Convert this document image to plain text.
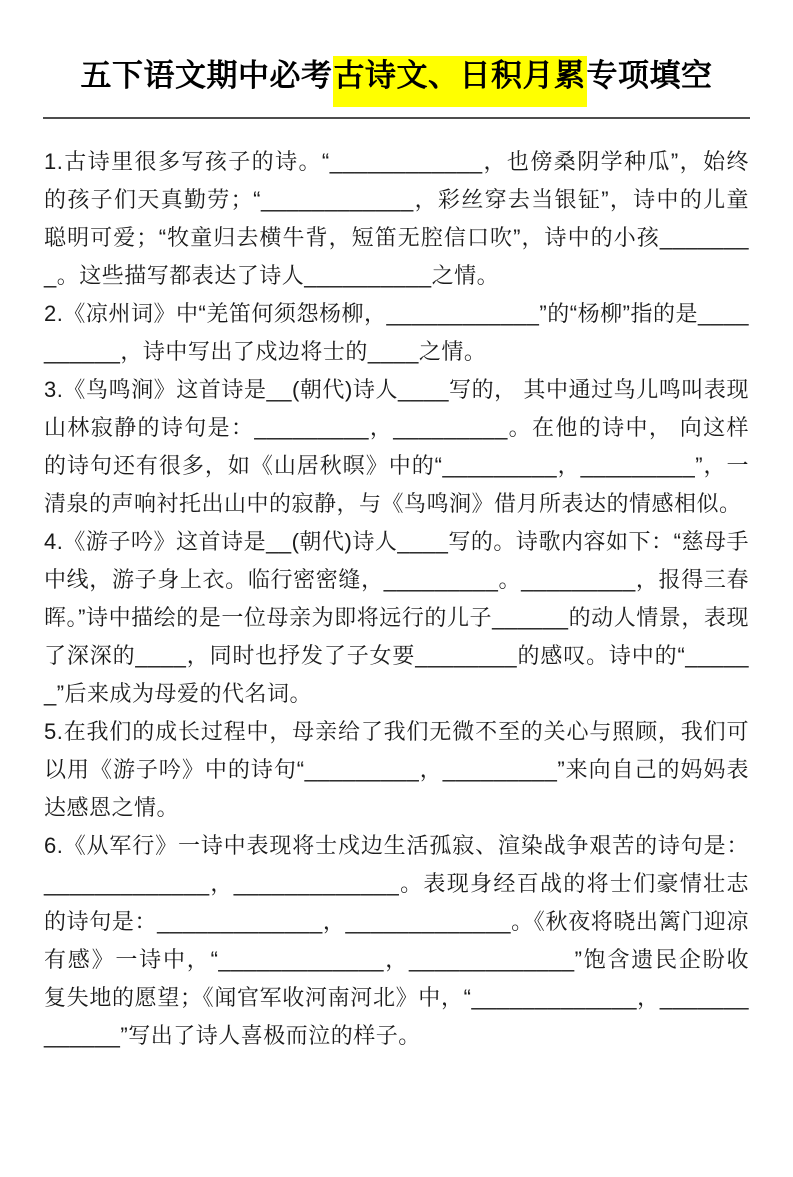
五下语文期中必考古诗文、日积月累专项填空

1.古诗里很多写孩子的诗。“____________，也傍桑阴学种瓜”，始终的孩子们天真勤劳；“____________，彩丝穿去当银钲”，诗中的儿童聪明可爱；“牧童归去横牛背，短笛无腔信口吹”，诗中的小孩________。这些描写都表达了诗人__________之情。

2.《凉州词》中“羌笛何须怨杨柳，____________”的“杨柳”指的是__________，诗中写出了戍边将士的____之情。

3.《鸟鸣涧》这首诗是__(朝代)诗人____写的， 其中通过鸟儿鸣叫表现山林寂静的诗句是：_________，_________。在他的诗中， 向这样的诗句还有很多，如《山居秋暝》中的“_________，_________”，一清泉的声响衬托出山中的寂静，与《鸟鸣涧》借月所表达的情感相似。

4.《游子吟》这首诗是__(朝代)诗人____写的。诗歌内容如下：“慈母手中线，游子身上衣。临行密密缝，_________。_________，报得三春晖。”诗中描绘的是一位母亲为即将远行的儿子______的动人情景，表现了深深的____，同时也抒发了子女要________的感叹。诗中的“______”后来成为母爱的代名词。

5.在我们的成长过程中，母亲给了我们无微不至的关心与照顾，我们可以用《游子吟》中的诗句“_________，_________”来向自己的妈妈表达感恩之情。

6.《从军行》一诗中表现将士戍边生活孤寂、渲染战争艰苦的诗句是：_____________，_____________。表现身经百战的将士们豪情壮志的诗句是：_____________，_____________。《秋夜将晓出篱门迎凉有感》一诗中，“_____________，_____________”饱含遗民企盼收复失地的愿望；《闻官军收河南河北》中，“_____________，_____________”写出了诗人喜极而泣的样子。
